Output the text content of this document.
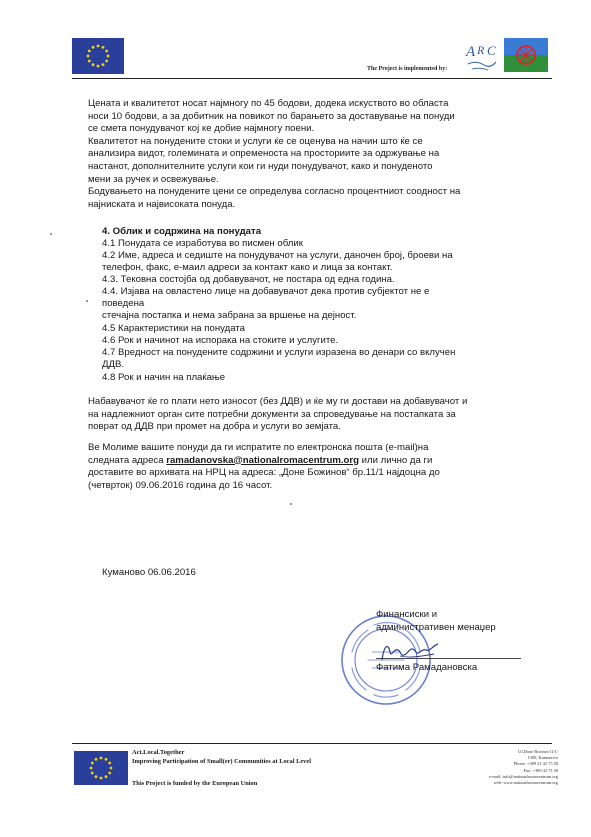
The Project is implemented by:
A R C
Цената и квалитетот носат најмногу по 45 бодови, додека искуството во областа
носи 10 бодови, а за добитник на повикот по барањето за доставување на понуди
се смета понудувачот кој ке добие најмногу поени.
Квалитетот на понудените стоки и услуги ќе се оценува на начин што ќе се
анализира видот, големината и опременоста на просториите за одржување на
настанот, дополнителните услуги кои ги нуди понудувачот, како и понуденото
мени за ручек и освежување.
Бодувањето на понудените цени се определува согласно процентниот соодност на
најниската и највисоката понуда.
4. Облик и содржина на понудата
4.1 Понудата се изработува во писмен облик
4.2 Име, адреса и седиште на понудувачот на услуги, даночен број, броеви на
телефон, факс, е-маил адреси за контакт како и лица за контакт.
4.3. Тековна состојба од добавувачот, не постара од една година.
4.4. Изјава на овластено лице на добавувачот дека против субјектот не е
поведена
стечајна постапка и нема забрана за вршење на дејност.
4.5 Карактеристики на понудата
4.6 Рок и начинот на испорака на стоките и услугите.
4.7 Вредност на понудените содржини и услуги изразена во денари со вклучен
ДДВ.
4.8 Рок и начин на плаќање
Набавувачот ќе го плати нето износот (без ДДВ) и ќе му ги достави на добавувачот и
на надлежниот орган сите потребни документи за спроведување на постапката за
поврат од ДДВ при промет на добра и услуги во земјата.
Ве Молиме вашите понуди да ги испратите по електронска пошта (e-mail)на
следната адреса ramadanovska@nationalromacentrum.org или лично да ги
доставите во архивата на НРЦ на адреса: „Доне Божинов“ бр.11/1 најдоцна до
(четврток) 09.06.2016 година до 16 часот.
Куманово 06.06.2016
Финансиски и
административен менаџер
Фатима Рамадановска
Act.Local.Together
Improving Participation of Small(er) Communities at Local Level
This Project is funded by the European Union
Ul.Done Bozinov11/1/
1300, Kumanovo
Phone: +389 31 42 75 58
Fax: +389 42 75 58
e-mail: info@nationalromacentrum.org
web: www.nationalromacentrum.org
